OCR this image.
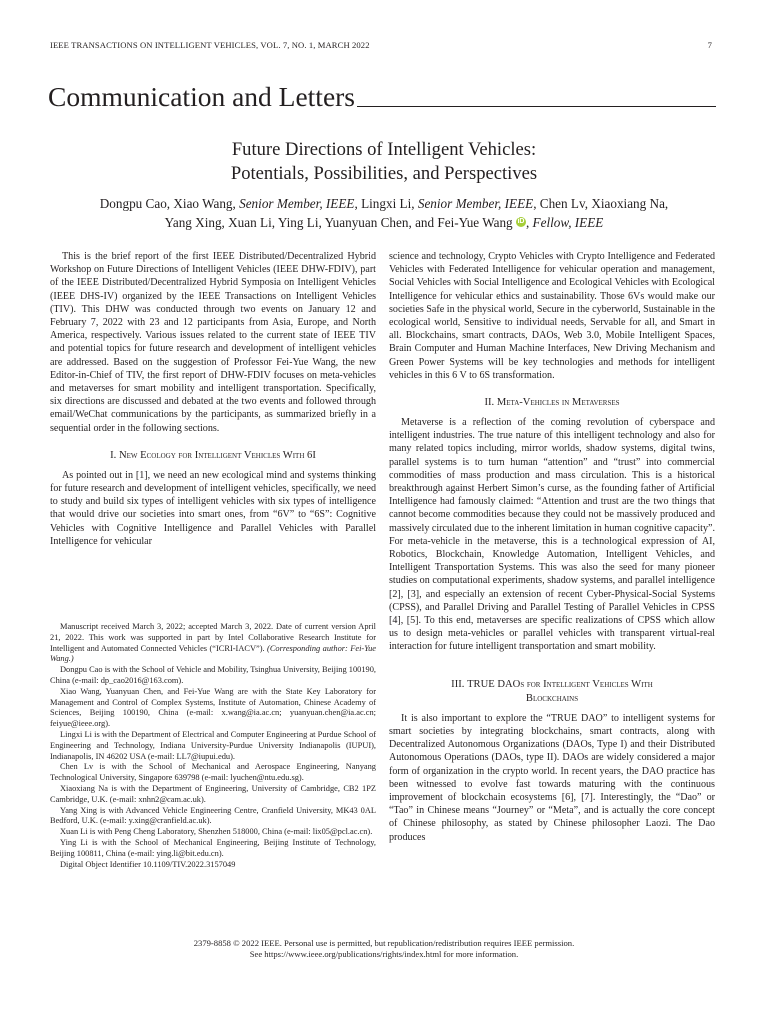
IEEE TRANSACTIONS ON INTELLIGENT VEHICLES, VOL. 7, NO. 1, MARCH 2022	7
Communication and Letters
Future Directions of Intelligent Vehicles:
Potentials, Possibilities, and Perspectives
Dongpu Cao, Xiao Wang, Senior Member, IEEE, Lingxi Li, Senior Member, IEEE, Chen Lv, Xiaoxiang Na,
Yang Xing, Xuan Li, Ying Li, Yuanyuan Chen, and Fei-Yue Wang iD , Fellow, IEEE

This is the brief report of the first IEEE Distributed/Decentralized Hybrid Workshop on Future Directions of Intelligent Vehicles (IEEE DHW-FDIV), part of the IEEE Distributed/Decentralized Hybrid Symposia on Intelligent Vehicles (IEEE DHS-IV) organized by the IEEE Transactions on Intelligent Vehicles (TIV). This DHW was conducted through two events on January 12 and February 7, 2022 with 23 and 12 participants from Asia, Europe, and North America, respectively. Various issues related to the current state of IEEE TIV and potential topics for future research and development of intelligent vehicles are addressed. Based on the suggestion of Professor Fei-Yue Wang, the new Editor-in-Chief of TIV, the first report of DHW-FDIV focuses on meta-vehicles and metaverses for smart mobility and intelligent transportation. Specifically, six directions are discussed and debated at the two events and followed through email/WeChat communications by the participants, as summarized briefly in a sequential order in the following sections.

I. New Ecology for Intelligent Vehicles With 6I

As pointed out in [1], we need an new ecological mind and systems thinking for future research and development of intelligent vehicles, specifically, we need to study and build six types of intelligent vehicles with six types of intelligence that would drive our societies into smart ones, from “6V” to “6S”: Cognitive Vehicles with Cognitive Intelligence and Parallel Vehicles with Parallel Intelligence for vehicular

Manuscript received March 3, 2022; accepted March 3, 2022. Date of current version April 21, 2022. This work was supported in part by Intel Collaborative Research Institute for Intelligent and Automated Connected Vehicles (“ICRI-IACV”). (Corresponding author: Fei-Yue Wang.)

Dongpu Cao is with the School of Vehicle and Mobility, Tsinghua University, Beijing 100190, China (e-mail: dp_cao2016@163.com).

Xiao Wang, Yuanyuan Chen, and Fei-Yue Wang are with the State Key Laboratory for Management and Control of Complex Systems, Institute of Automation, Chinese Academy of Sciences, Beijing 100190, China (e-mail: x.wang@ia.ac.cn; yuanyuan.chen@ia.ac.cn; feiyue@ieee.org).

Lingxi Li is with the Department of Electrical and Computer Engineering at Purdue School of Engineering and Technology, Indiana University-Purdue University Indianapolis (IUPUI), Indianapolis, IN 46202 USA (e-mail: LL7@iupui.edu).

Chen Lv is with the School of Mechanical and Aerospace Engineering, Nanyang Technological University, Singapore 639798 (e-mail: lyuchen@ntu.edu.sg).

Xiaoxiang Na is with the Department of Engineering, University of Cambridge, CB2 1PZ Cambridge, U.K. (e-mail: xnhn2@cam.ac.uk).

Yang Xing is with Advanced Vehicle Engineering Centre, Cranfield University, MK43 0AL Bedford, U.K. (e-mail: y.xing@cranfield.ac.uk).

Xuan Li is with Peng Cheng Laboratory, Shenzhen 518000, China (e-mail: lix05@pcl.ac.cn).

Ying Li is with the School of Mechanical Engineering, Beijing Institute of Technology, Beijing 100811, China (e-mail: ying.li@bit.edu.cn).

Digital Object Identifier 10.1109/TIV.2022.3157049

science and technology, Crypto Vehicles with Crypto Intelligence and Federated Vehicles with Federated Intelligence for vehicular operation and management, Social Vehicles with Social Intelligence and Ecological Vehicles with Ecological Intelligence for vehicular ethics and sustainability. Those 6Vs would make our societies Safe in the physical world, Secure in the cyberworld, Sustainable in the ecological world, Sensitive to individual needs, Servable for all, and Smart in all. Blockchains, smart contracts, DAOs, Web 3.0, Mobile Intelligent Spaces, Brain Computer and Human Machine Interfaces, New Driving Mechanism and Green Power Systems will be key technologies and methods for intelligent vehicles in this 6 V to 6S transformation.

II. Meta-Vehicles in Metaverses

Metaverse is a reflection of the coming revolution of cyberspace and intelligent industries. The true nature of this intelligent technology and also for many related topics including, mirror worlds, shadow systems, digital twins, parallel systems is to turn human “attention” and “trust” into commercial commodities of mass production and mass circulation. This is a historical breakthrough against Herbert Simon’s curse, as the founding father of Artificial Intelligence had famously claimed: “Attention and trust are the two things that cannot become commodities because they could not be massively produced and massively circulated due to the inherent limitation in human cognitive capacity”. For meta-vehicle in the metaverse, this is a technological expression of AI, Robotics, Blockchain, Knowledge Automation, Intelligent Vehicles, and Intelligent Transportation Systems. This was also the seed for many pioneer studies on computational experiments, shadow systems, and parallel intelligence [2], [3], and especially an extension of recent Cyber-Physical-Social Systems (CPSS), and Parallel Driving and Parallel Testing of Parallel Vehicles in CPSS [4], [5]. To this end, metaverses are specific realizations of CPSS which allow us to design meta-vehicles or parallel vehicles with transparent virtual-real interaction for future intelligent transportation and smart mobility.

III. TRUE DAOs for Intelligent Vehicles With
Blockchains

It is also important to explore the “TRUE DAO” to intelligent systems for smart societies by integrating blockchains, smart contracts, along with Decentralized Autonomous Organizations (DAOs, Type I) and their Distributed Autonomous Operations (DAOs, type II). DAOs are widely considered a major form of organization in the crypto world. In recent years, the DAO practice has been witnessed to evolve fast towards maturing with the continuous improvement of blockchain ecosystems [6], [7]. Interestingly, the “Dao” or “Tao” in Chinese means “Journey” or “Meta”, and is actually the core concept of Chinese philosophy, as stated by Chinese philosopher Laozi. The Dao produces

2379-8858 © 2022 IEEE. Personal use is permitted, but republication/redistribution requires IEEE permission.
See https://www.ieee.org/publications/rights/index.html for more information.
